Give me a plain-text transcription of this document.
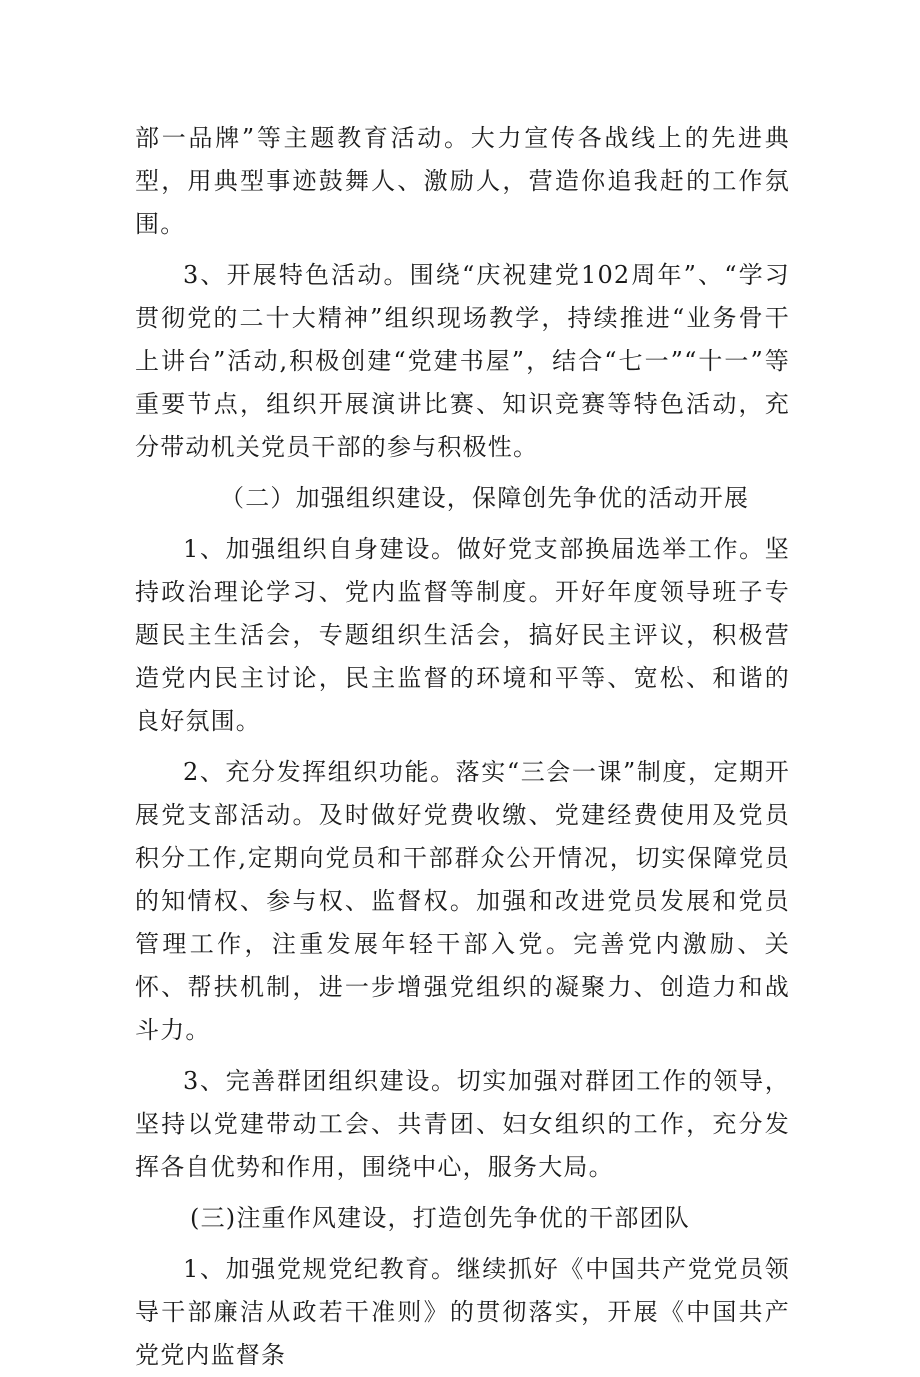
部一品牌”等主题教育活动。大力宣传各战线上的先进典型，用典型事迹鼓舞人、激励人，营造你追我赶的工作氛围。

3、开展特色活动。围绕“庆祝建党102周年”、“学习贯彻党的二十大精神”组织现场教学，持续推进“业务骨干上讲台”活动,积极创建“党建书屋”，结合“七一”“十一”等重要节点，组织开展演讲比赛、知识竞赛等特色活动，充分带动机关党员干部的参与积极性。

（二）加强组织建设，保障创先争优的活动开展

1、加强组织自身建设。做好党支部换届选举工作。坚持政治理论学习、党内监督等制度。开好年度领导班子专题民主生活会，专题组织生活会，搞好民主评议，积极营造党内民主讨论，民主监督的环境和平等、宽松、和谐的良好氛围。

2、充分发挥组织功能。落实“三会一课”制度，定期开展党支部活动。及时做好党费收缴、党建经费使用及党员积分工作,定期向党员和干部群众公开情况，切实保障党员的知情权、参与权、监督权。加强和改进党员发展和党员管理工作，注重发展年轻干部入党。完善党内激励、关怀、帮扶机制，进一步增强党组织的凝聚力、创造力和战斗力。

3、完善群团组织建设。切实加强对群团工作的领导，坚持以党建带动工会、共青团、妇女组织的工作，充分发挥各自优势和作用，围绕中心，服务大局。

(三)注重作风建设，打造创先争优的干部团队

1、加强党规党纪教育。继续抓好《中国共产党党员领导干部廉洁从政若干准则》的贯彻落实，开展《中国共产党党内监督条
